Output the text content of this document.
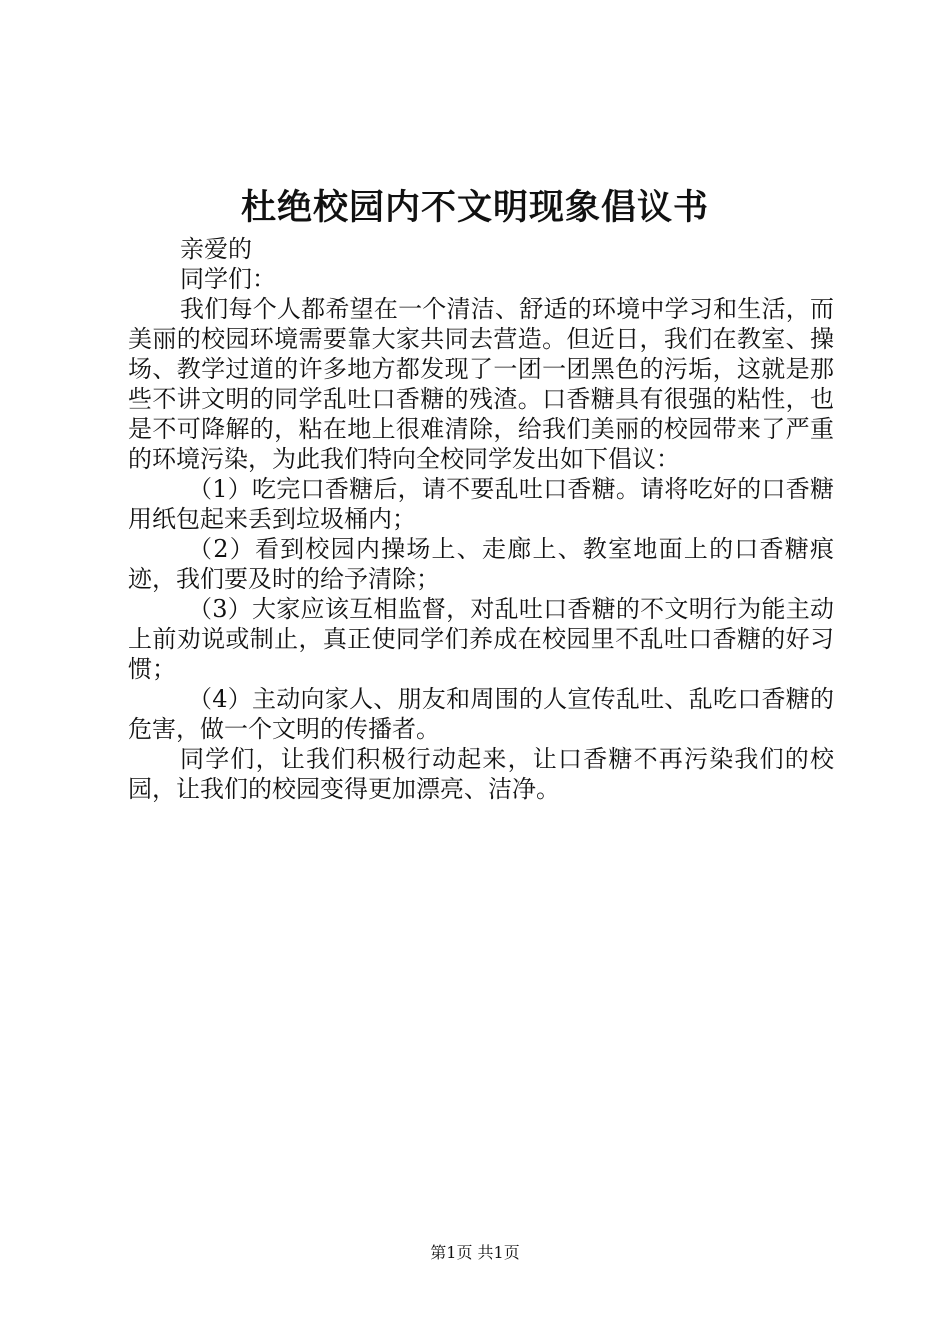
杜绝校园内不文明现象倡议书

亲爱的

同学们：

我们每个人都希望在一个清洁、舒适的环境中学习和生活，而美丽的校园环境需要靠大家共同去营造。但近日，我们在教室、操场、教学过道的许多地方都发现了一团一团黑色的污垢，这就是那些不讲文明的同学乱吐口香糖的残渣。口香糖具有很强的粘性，也是不可降解的，粘在地上很难清除，给我们美丽的校园带来了严重的环境污染，为此我们特向全校同学发出如下倡议：

（1）吃完口香糖后，请不要乱吐口香糖。请将吃好的口香糖用纸包起来丢到垃圾桶内；

（2）看到校园内操场上、走廊上、教室地面上的口香糖痕迹，我们要及时的给予清除；

（3）大家应该互相监督，对乱吐口香糖的不文明行为能主动上前劝说或制止，真正使同学们养成在校园里不乱吐口香糖的好习惯；

（4）主动向家人、朋友和周围的人宣传乱吐、乱吃口香糖的危害，做一个文明的传播者。

同学们，让我们积极行动起来，让口香糖不再污染我们的校园，让我们的校园变得更加漂亮、洁净。

第1页 共1页
